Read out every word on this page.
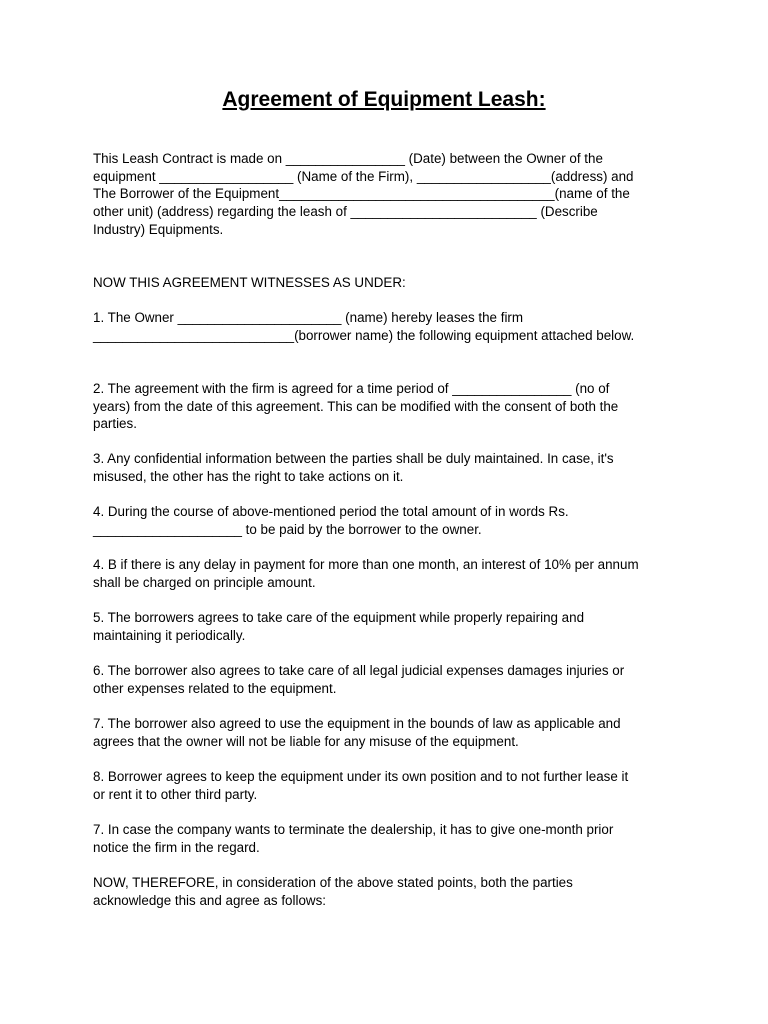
Agreement of Equipment Leash:

This Leash Contract is made on ________________ (Date) between the Owner of the
equipment __________________ (Name of the Firm), __________________(address) and
The Borrower of the Equipment_____________________________________(name of the
other unit) (address) regarding the leash of _________________________ (Describe
Industry) Equipments.

NOW THIS AGREEMENT WITNESSES AS UNDER:

1. The Owner ______________________ (name) hereby leases the firm
___________________________(borrower name) the following equipment attached below.

2. The agreement with the firm is agreed for a time period of ________________ (no of
years) from the date of this agreement. This can be modified with the consent of both the
parties.

3. Any confidential information between the parties shall be duly maintained. In case, it's
misused, the other has the right to take actions on it.

4. During the course of above-mentioned period the total amount of in words Rs.
____________________ to be paid by the borrower to the owner.

4. B if there is any delay in payment for more than one month, an interest of 10% per annum
shall be charged on principle amount.

5. The borrowers agrees to take care of the equipment while properly repairing and
maintaining it periodically.

6. The borrower also agrees to take care of all legal judicial expenses damages injuries or
other expenses related to the equipment.

7. The borrower also agreed to use the equipment in the bounds of law as applicable and
agrees that the owner will not be liable for any misuse of the equipment.

8. Borrower agrees to keep the equipment under its own position and to not further lease it
or rent it to other third party.

7. In case the company wants to terminate the dealership, it has to give one-month prior
notice the firm in the regard.

NOW, THEREFORE, in consideration of the above stated points, both the parties
acknowledge this and agree as follows:
